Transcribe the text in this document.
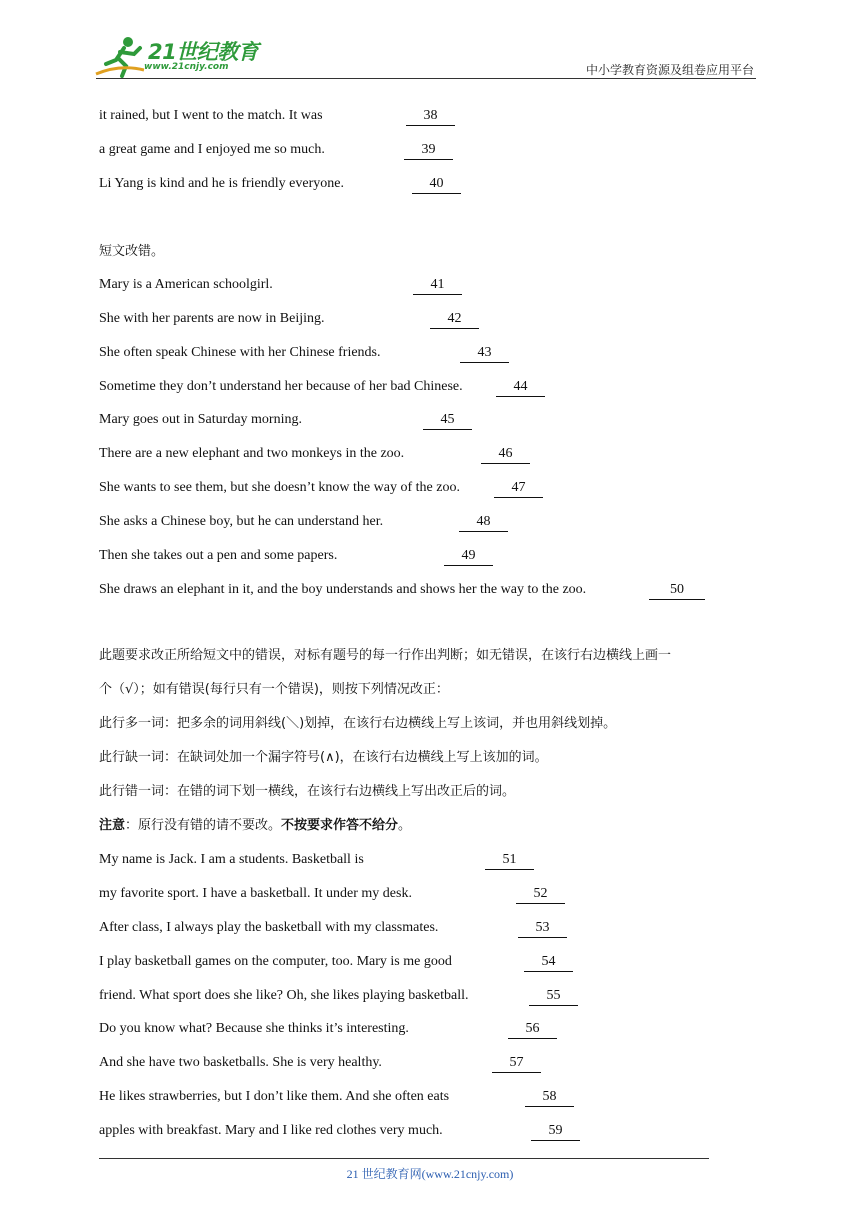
21世纪教育
www.21cnjy.com	中小学教育资源及组卷应用平台
it rained, but I went to the match. It was	38
a great game and I enjoyed me so much.	39
Li Yang is kind and he is friendly everyone.	40
短文改错。
Mary is a American schoolgirl.	41
She with her parents are now in Beijing.	42
She often speak Chinese with her Chinese friends.	43
Sometime they don’t understand her because of her bad Chinese.	44
Mary goes out in Saturday morning.	45
There are a new elephant and two monkeys in the zoo.	46
She wants to see them, but she doesn’t know the way of the zoo.	47
She asks a Chinese boy, but he can understand her.	48
Then she takes out a pen and some papers.	49
She draws an elephant in it, and the boy understands and shows her the way to the zoo.	50
此题要求改正所给短文中的错误，对标有题号的每一行作出判断；如无错误，在该行右边横线上画一
个（√）；如有错误(每行只有一个错误)，则按下列情况改正：
此行多一词：把多余的词用斜线(＼)划掉，在该行右边横线上写上该词，并也用斜线划掉。
此行缺一词：在缺词处加一个漏字符号(∧)，在该行右边横线上写上该加的词。
此行错一词：在错的词下划一横线，在该行右边横线上写出改正后的词。
注意：原行没有错的请不要改。不按要求作答不给分。
My name is Jack. I am a students. Basketball is	51
my favorite sport. I have a basketball. It under my desk.	52
After class, I always play the basketball with my classmates.	53
I play basketball games on the computer, too. Mary is me good	54
friend. What sport does she like? Oh, she likes playing basketball.	55
Do you know what? Because she thinks it’s interesting.	56
And she have two basketballs. She is very healthy.	57
He likes strawberries, but I don’t like them. And she often eats	58
apples with breakfast. Mary and I like red clothes very much.	59
21 世纪教育网(www.21cnjy.com)
